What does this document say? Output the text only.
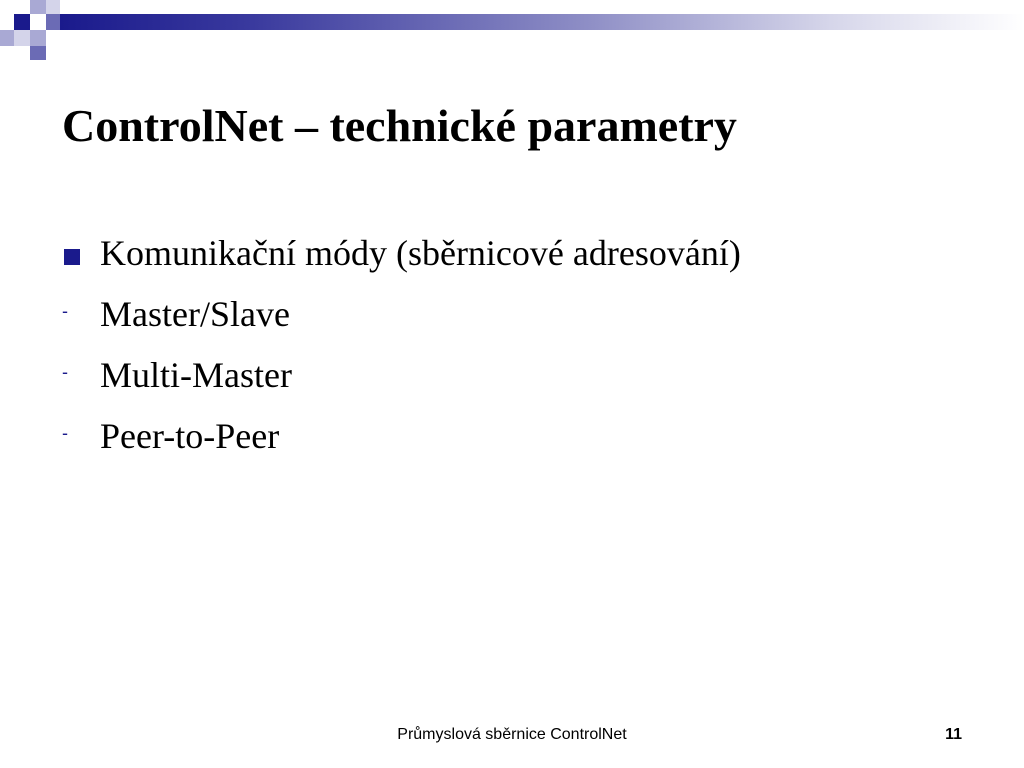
ControlNet – technické parametry
Komunikační módy (sběrnicové adresování)
- Master/Slave
- Multi-Master
- Peer-to-Peer
Průmyslová sběrnice ControlNet	11
